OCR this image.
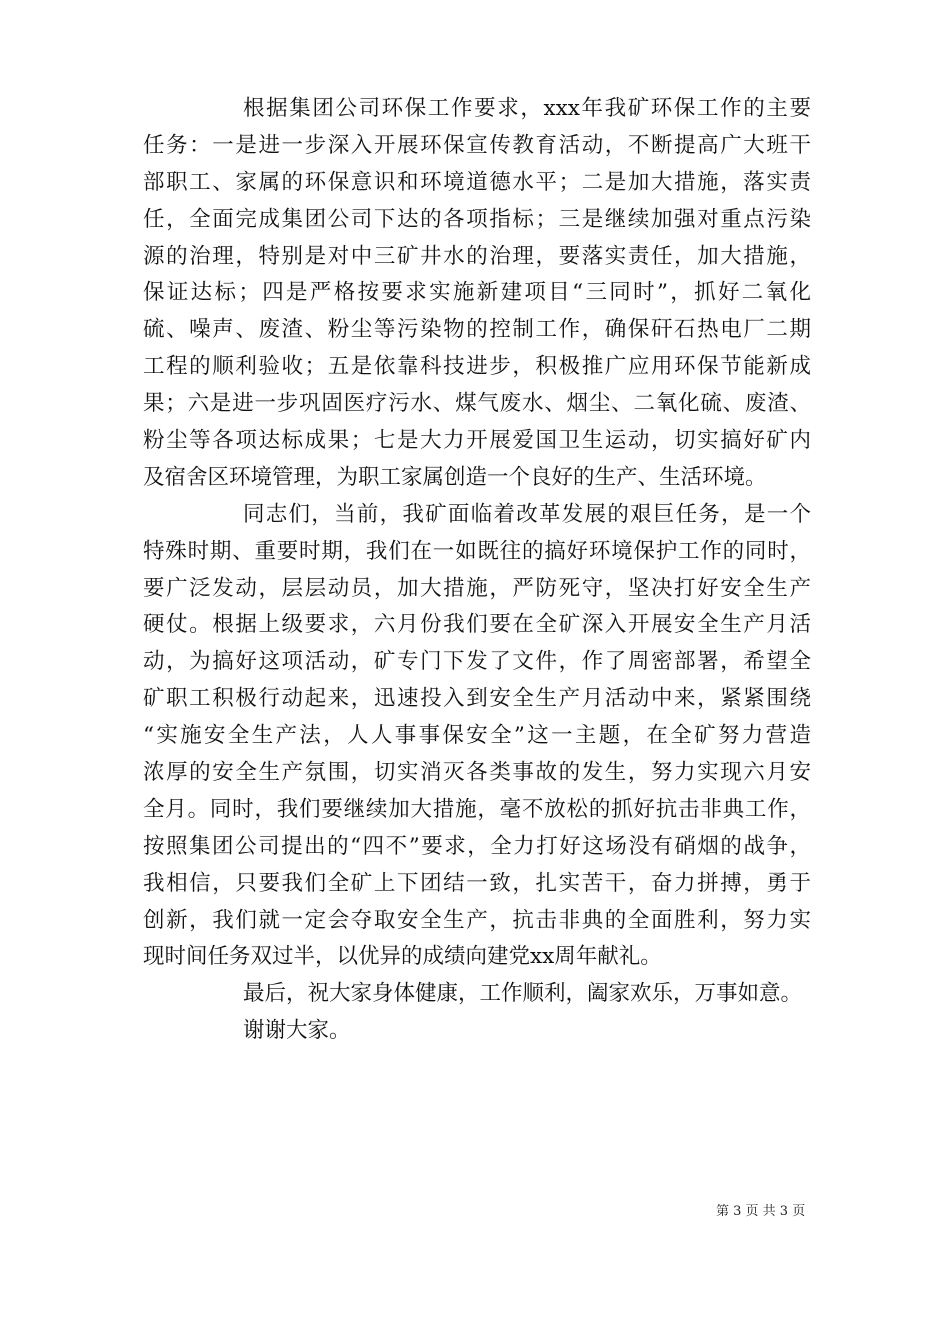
根据集团公司环保工作要求，xxx年我矿环保工作的主要
任务：一是进一步深入开展环保宣传教育活动，不断提高广大班干
部职工、家属的环保意识和环境道德水平；二是加大措施，落实责
任，全面完成集团公司下达的各项指标；三是继续加强对重点污染
源的治理，特别是对中三矿井水的治理，要落实责任，加大措施，
保证达标；四是严格按要求实施新建项目“三同时”，抓好二氧化
硫、噪声、废渣、粉尘等污染物的控制工作，确保矸石热电厂二期
工程的顺利验收；五是依靠科技进步，积极推广应用环保节能新成
果；六是进一步巩固医疗污水、煤气废水、烟尘、二氧化硫、废渣、
粉尘等各项达标成果；七是大力开展爱国卫生运动，切实搞好矿内
及宿舍区环境管理，为职工家属创造一个良好的生产、生活环境。
同志们，当前，我矿面临着改革发展的艰巨任务，是一个
特殊时期、重要时期，我们在一如既往的搞好环境保护工作的同时，
要广泛发动，层层动员，加大措施，严防死守，坚决打好安全生产
硬仗。根据上级要求，六月份我们要在全矿深入开展安全生产月活
动，为搞好这项活动，矿专门下发了文件，作了周密部署，希望全
矿职工积极行动起来，迅速投入到安全生产月活动中来，紧紧围绕
“实施安全生产法，人人事事保安全”这一主题，在全矿努力营造
浓厚的安全生产氛围，切实消灭各类事故的发生，努力实现六月安
全月。同时，我们要继续加大措施，毫不放松的抓好抗击非典工作，
按照集团公司提出的“四不”要求，全力打好这场没有硝烟的战争，
我相信，只要我们全矿上下团结一致，扎实苦干，奋力拼搏，勇于
创新，我们就一定会夺取安全生产，抗击非典的全面胜利，努力实
现时间任务双过半，以优异的成绩向建党xx周年献礼。
最后，祝大家身体健康，工作顺利，阖家欢乐，万事如意。
谢谢大家。
第 3 页 共 3 页
